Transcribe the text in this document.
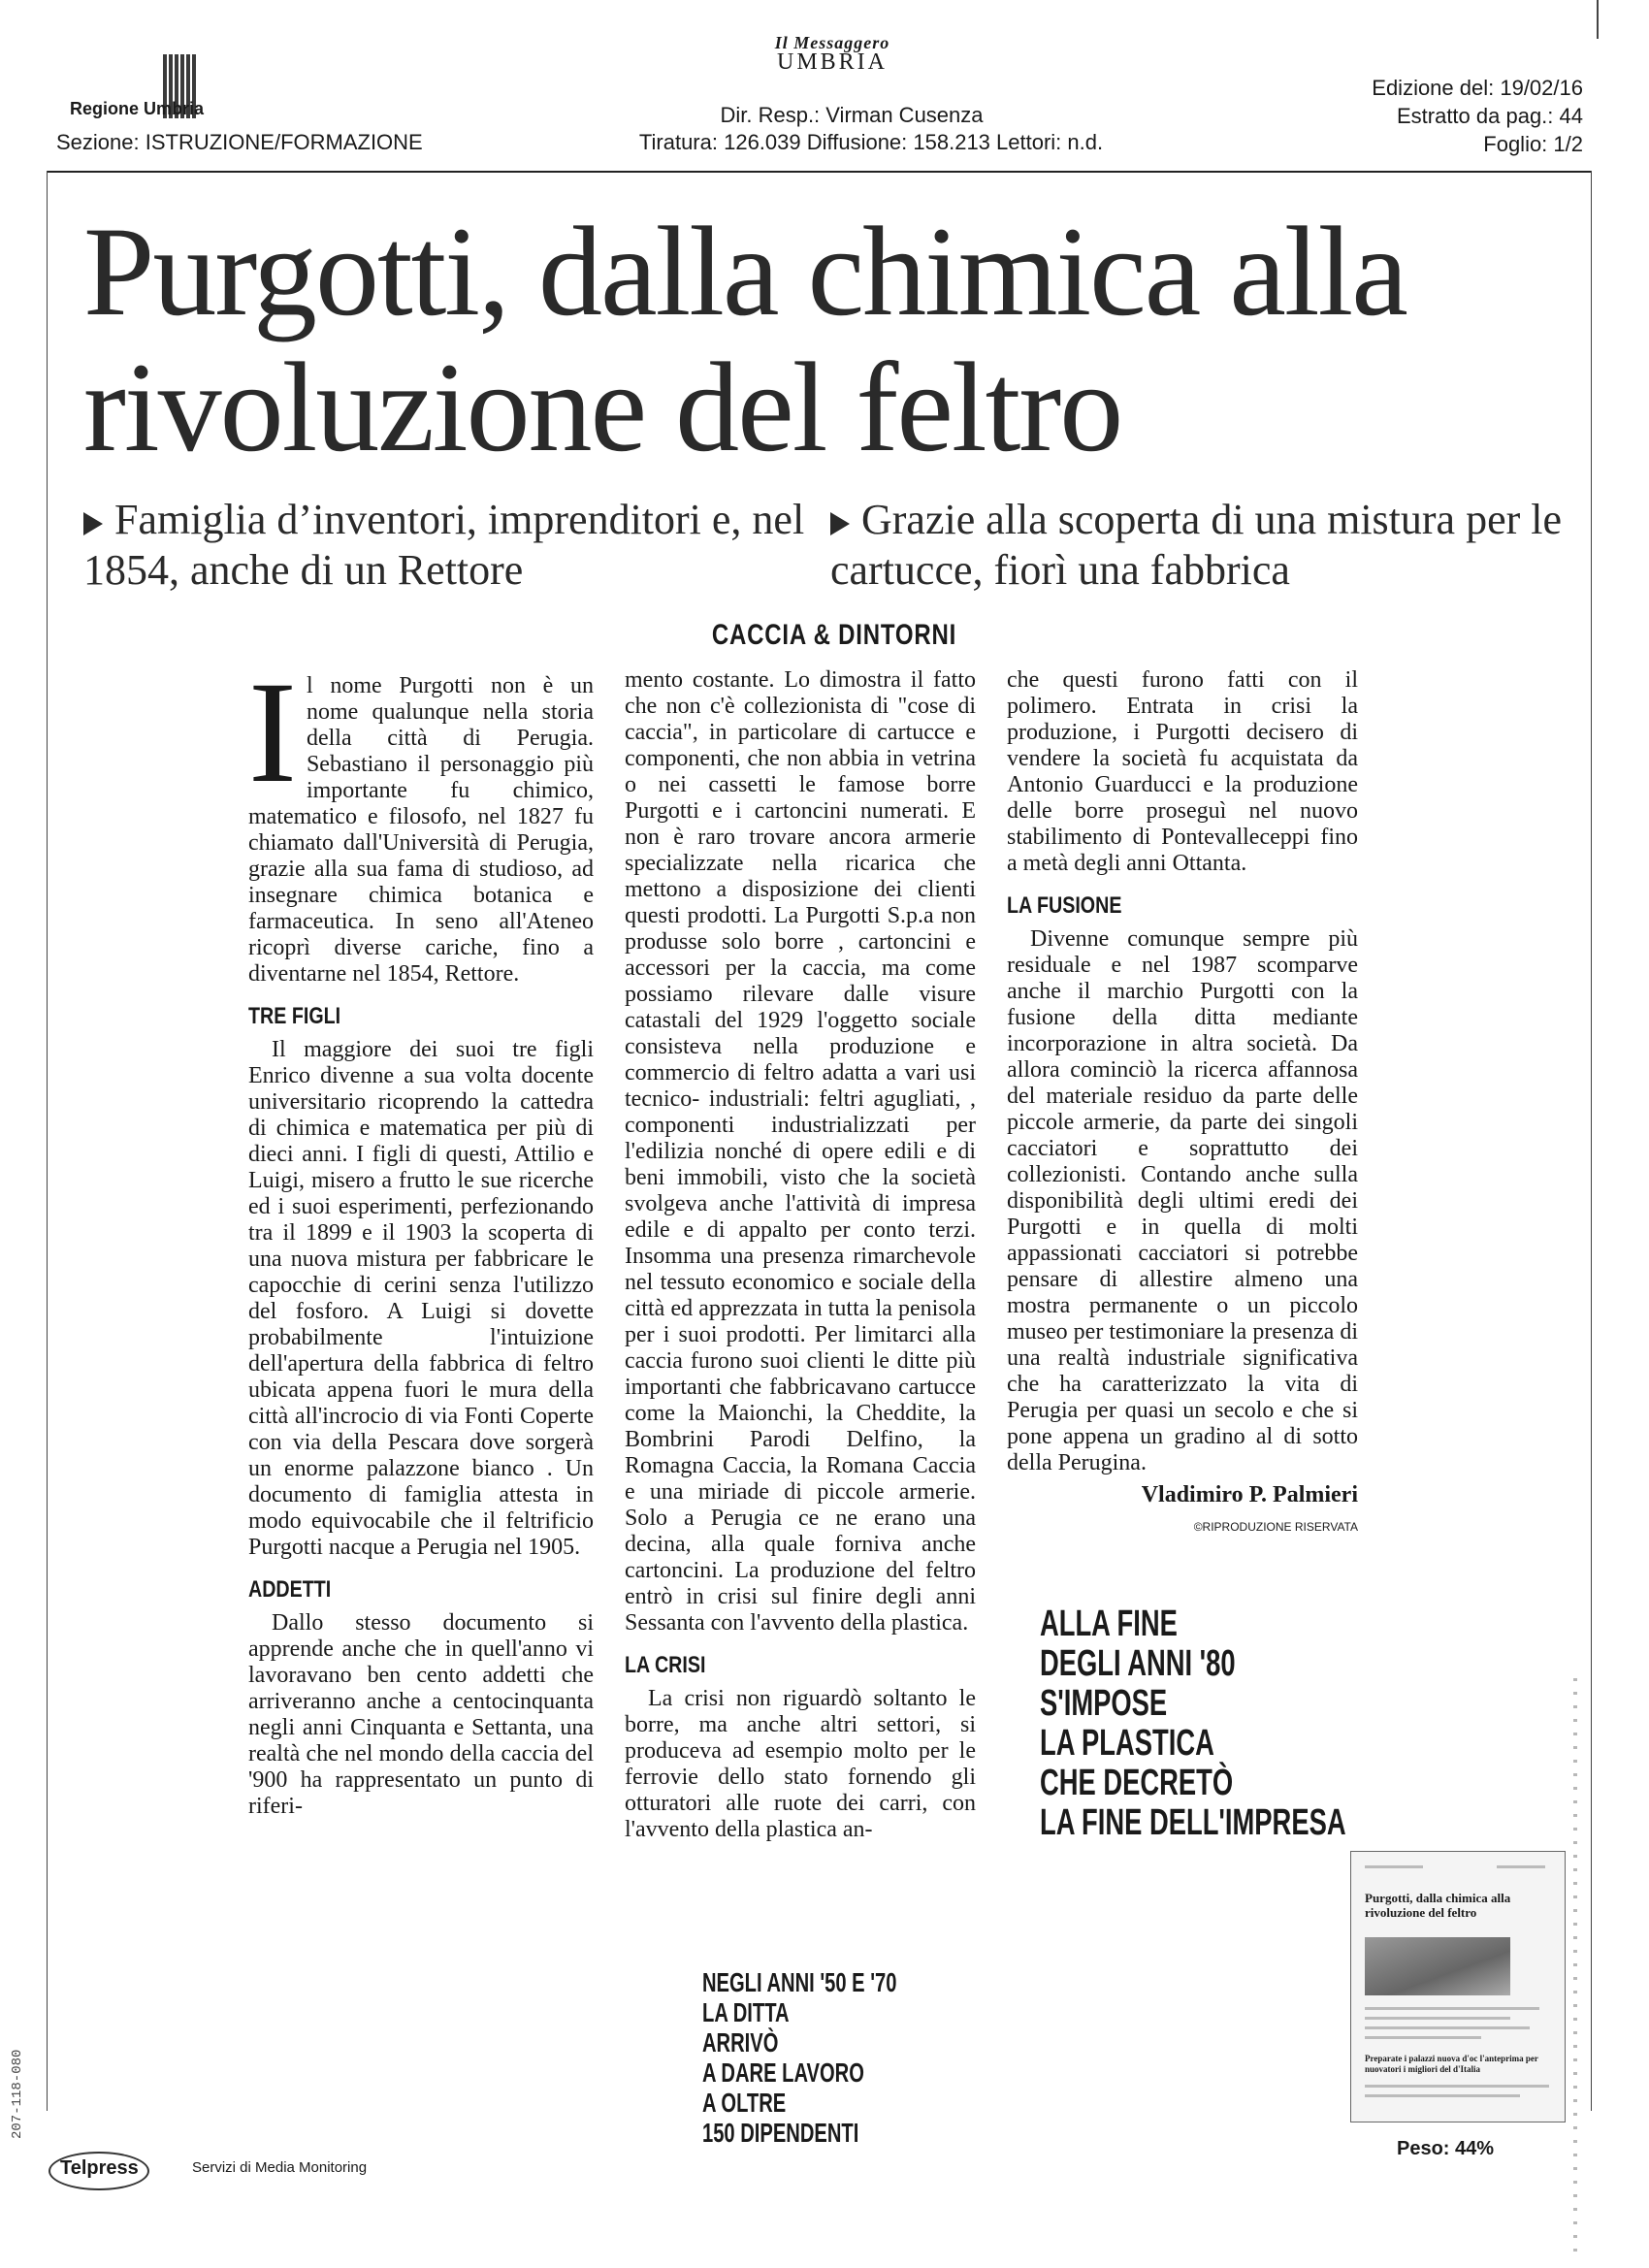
Regione Umbria
Sezione: ISTRUZIONE/FORMAZIONE
Il Messaggero
UMBRIA
Dir. Resp.: Virman Cusenza
Tiratura: 126.039 Diffusione: 158.213 Lettori: n.d.
Edizione del: 19/02/16
Estratto da pag.: 44
Foglio: 1/2
Purgotti, dalla chimica alla rivoluzione del feltro
Famiglia d’inventori, imprenditori e, nel 1854, anche di un Rettore
Grazie alla scoperta di una mistura per le cartucce, fiorì una fabbrica
CACCIA & DINTORNI

Il nome Purgotti non è un nome qualunque nella storia della città di Perugia. Sebastiano il personaggio più importante fu chimico, matematico e filosofo, nel 1827 fu chiamato dall'Università di Perugia, grazie alla sua fama di studioso, ad insegnare chimica botanica e farmaceutica. In seno all'Ateneo ricoprì diverse cariche, fino a diventarne nel 1854, Rettore.

TRE FIGLI

Il maggiore dei suoi tre figli Enrico divenne a sua volta docente universitario ricoprendo la cattedra di chimica e matematica per più di dieci anni. I figli di questi, Attilio e Luigi, misero a frutto le sue ricerche ed i suoi esperimenti, perfezionando tra il 1899 e il 1903 la scoperta di una nuova mistura per fabbricare le capocchie di cerini senza l'utilizzo del fosforo. A Luigi si dovette probabilmente l'intuizione dell'apertura della fabbrica di feltro ubicata appena fuori le mura della città all'incrocio di via Fonti Coperte con via della Pescara dove sorgerà un enorme palazzone bianco . Un documento di famiglia attesta in modo equivocabile che il feltrificio Purgotti nacque a Perugia nel 1905.

ADDETTI

Dallo stesso documento si apprende anche che in quell'anno vi lavoravano ben cento addetti che arriveranno anche a centocinquanta negli anni Cinquanta e Settanta, una realtà che nel mondo della caccia del '900 ha rappresentato un punto di riferi-

mento costante. Lo dimostra il fatto che non c'è collezionista di "cose di caccia", in particolare di cartucce e componenti, che non abbia in vetrina o nei cassetti le famose borre Purgotti e i cartoncini numerati. E non è raro trovare ancora armerie specializzate nella ricarica che mettono a disposizione dei clienti questi prodotti. La Purgotti S.p.a non produsse solo borre , cartoncini e accessori per la caccia, ma come possiamo rilevare dalle visure catastali del 1929 l'oggetto sociale consisteva nella produzione e commercio di feltro adatta a vari usi tecnico- industriali: feltri agugliati, , componenti industrializzati per l'edilizia nonché di opere edili e di beni immobili, visto che la società svolgeva anche l'attività di impresa edile e di appalto per conto terzi. Insomma una presenza rimarchevole nel tessuto economico e sociale della città ed apprezzata in tutta la penisola per i suoi prodotti. Per limitarci alla caccia furono suoi clienti le ditte più importanti che fabbricavano cartucce come la Maionchi, la Cheddite, la Bombrini Parodi Delfino, la Romagna Caccia, la Romana Caccia e una miriade di piccole armerie. Solo a Perugia ce ne erano una decina, alla quale forniva anche cartoncini. La produzione del feltro entrò in crisi sul finire degli anni Sessanta con l'avvento della plastica.

LA CRISI

La crisi non riguardò soltanto le borre, ma anche altri settori, si produceva ad esempio molto per le ferrovie dello stato fornendo gli otturatori alle ruote dei carri, con l'avvento della plastica an-

che questi furono fatti con il polimero. Entrata in crisi la produzione, i Purgotti decisero di vendere la società fu acquistata da Antonio Guarducci e la produzione delle borre proseguì nel nuovo stabilimento di Pontevalleceppi fino a metà degli anni Ottanta.

LA FUSIONE

Divenne comunque sempre più residuale e nel 1987 scomparve anche il marchio Purgotti con la fusione della ditta mediante incorporazione in altra società. Da allora cominciò la ricerca affannosa del materiale residuo da parte delle piccole armerie, da parte dei singoli cacciatori e soprattutto dei collezionisti. Contando anche sulla disponibilità degli ultimi eredi dei Purgotti e in quella di molti appassionati cacciatori si potrebbe pensare di allestire almeno una mostra permanente o un piccolo museo per testimoniare la presenza di una realtà industriale significativa che ha caratterizzato la vita di Perugia per quasi un secolo e che si pone appena un gradino al di sotto della Perugina.

Vladimiro P. Palmieri
©RIPRODUZIONE RISERVATA
NEGLI ANNI '50 E '70
LA DITTA
ARRIVÒ
A DARE LAVORO
A OLTRE
150 DIPENDENTI
ALLA FINE
DEGLI ANNI '80
S'IMPOSE
LA PLASTICA
CHE DECRETÒ
LA FINE DELL'IMPRESA
Purgotti, dalla chimica alla rivoluzione del feltro
Preparate i palazzi nuova d'oc l'anteprima per nuovatori i migliori del d'Italia
Peso: 44%
Telpress	Servizi di Media Monitoring
207-118-080
